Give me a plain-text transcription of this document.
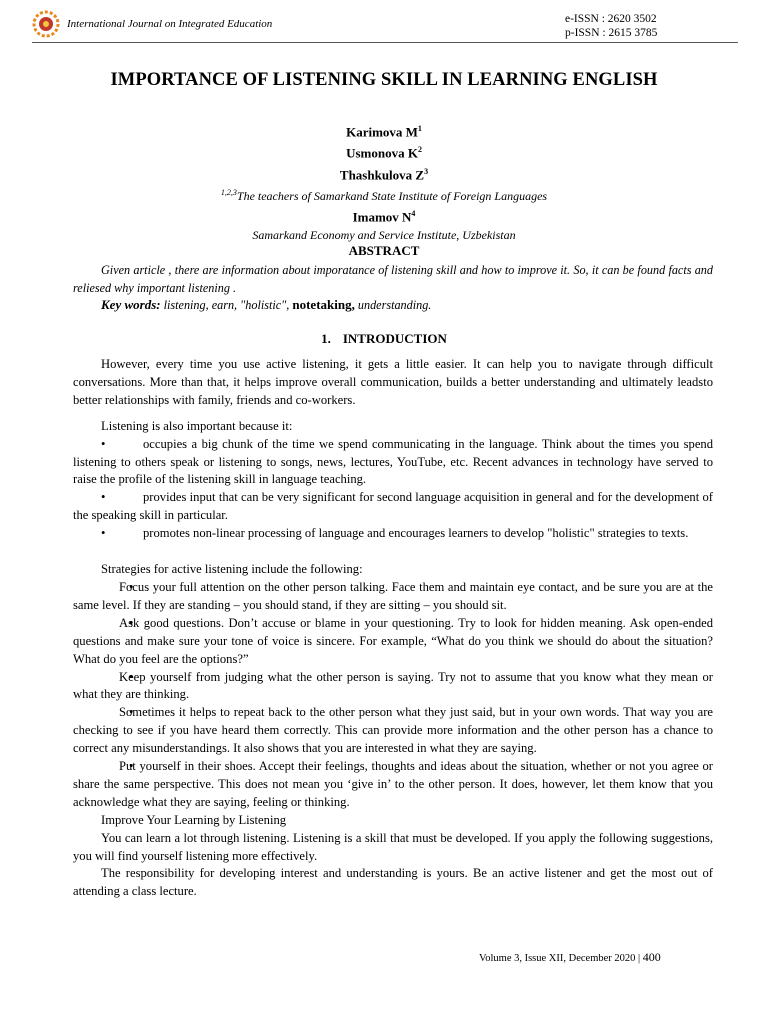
International Journal on Integrated Education	e-ISSN : 2620 3502
p-ISSN : 2615 3785
IMPORTANCE OF LISTENING SKILL IN LEARNING ENGLISH
Karimova $M^1$
Usmonova $K^2$
Thashkulova $Z^3$
$^{1,2,3}$The teachers of Samarkand State Institute of Foreign Languages
Imamov $N^4$
Samarkand Economy and Service Institute, Uzbekistan
ABSTRACT
Given article , there are information about imporatance of listening skill and how to improve it. So, it can be found facts and reliesed why important listening .
Key words: listening, earn, "holistic", notetaking, understanding.
1. INTRODUCTION

However, every time you use active listening, it gets a little easier. It can help you to navigate through difficult conversations. More than that, it helps improve overall communication, builds a better understanding and ultimately leadsto better relationships with family, friends and co-workers.

Listening is also important because it:

• occupies a big chunk of the time we spend communicating in the language. Think about the times you spend listening to others speak or listening to songs, news, lectures, YouTube, etc. Recent advances in technology have served to raise the profile of the listening skill in language teaching.

• provides input that can be very significant for second language acquisition in general and for the development of the speaking skill in particular.

• promotes non-linear processing of language and encourages learners to develop "holistic" strategies to texts.

Strategies for active listening include the following:

• Focus your full attention on the other person talking. Face them and maintain eye contact, and be sure you are at the same level. If they are standing – you should stand, if they are sitting – you should sit.

• Ask good questions. Don’t accuse or blame in your questioning. Try to look for hidden meaning. Ask open-ended questions and make sure your tone of voice is sincere. For example, “What do you think we should do about the situation? What do you feel are the options?”

• Keep yourself from judging what the other person is saying. Try not to assume that you know what they mean or what they are thinking.

• Sometimes it helps to repeat back to the other person what they just said, but in your own words. That way you are checking to see if you have heard them correctly. This can provide more information and the other person has a chance to correct any misunderstandings. It also shows that you are interested in what they are saying.

• Put yourself in their shoes. Accept their feelings, thoughts and ideas about the situation, whether or not you agree or share the same perspective. This does not mean you ‘give in’ to the other person. It does, however, let them know that you acknowledge what they are saying, feeling or thinking.

Improve Your Learning by Listening

You can learn a lot through listening. Listening is a skill that must be developed. If you apply the following suggestions, you will find yourself listening more effectively.

The responsibility for developing interest and understanding is yours. Be an active listener and get the most out of attending a class lecture.

Volume 3, Issue XII, December 2020 | 400
